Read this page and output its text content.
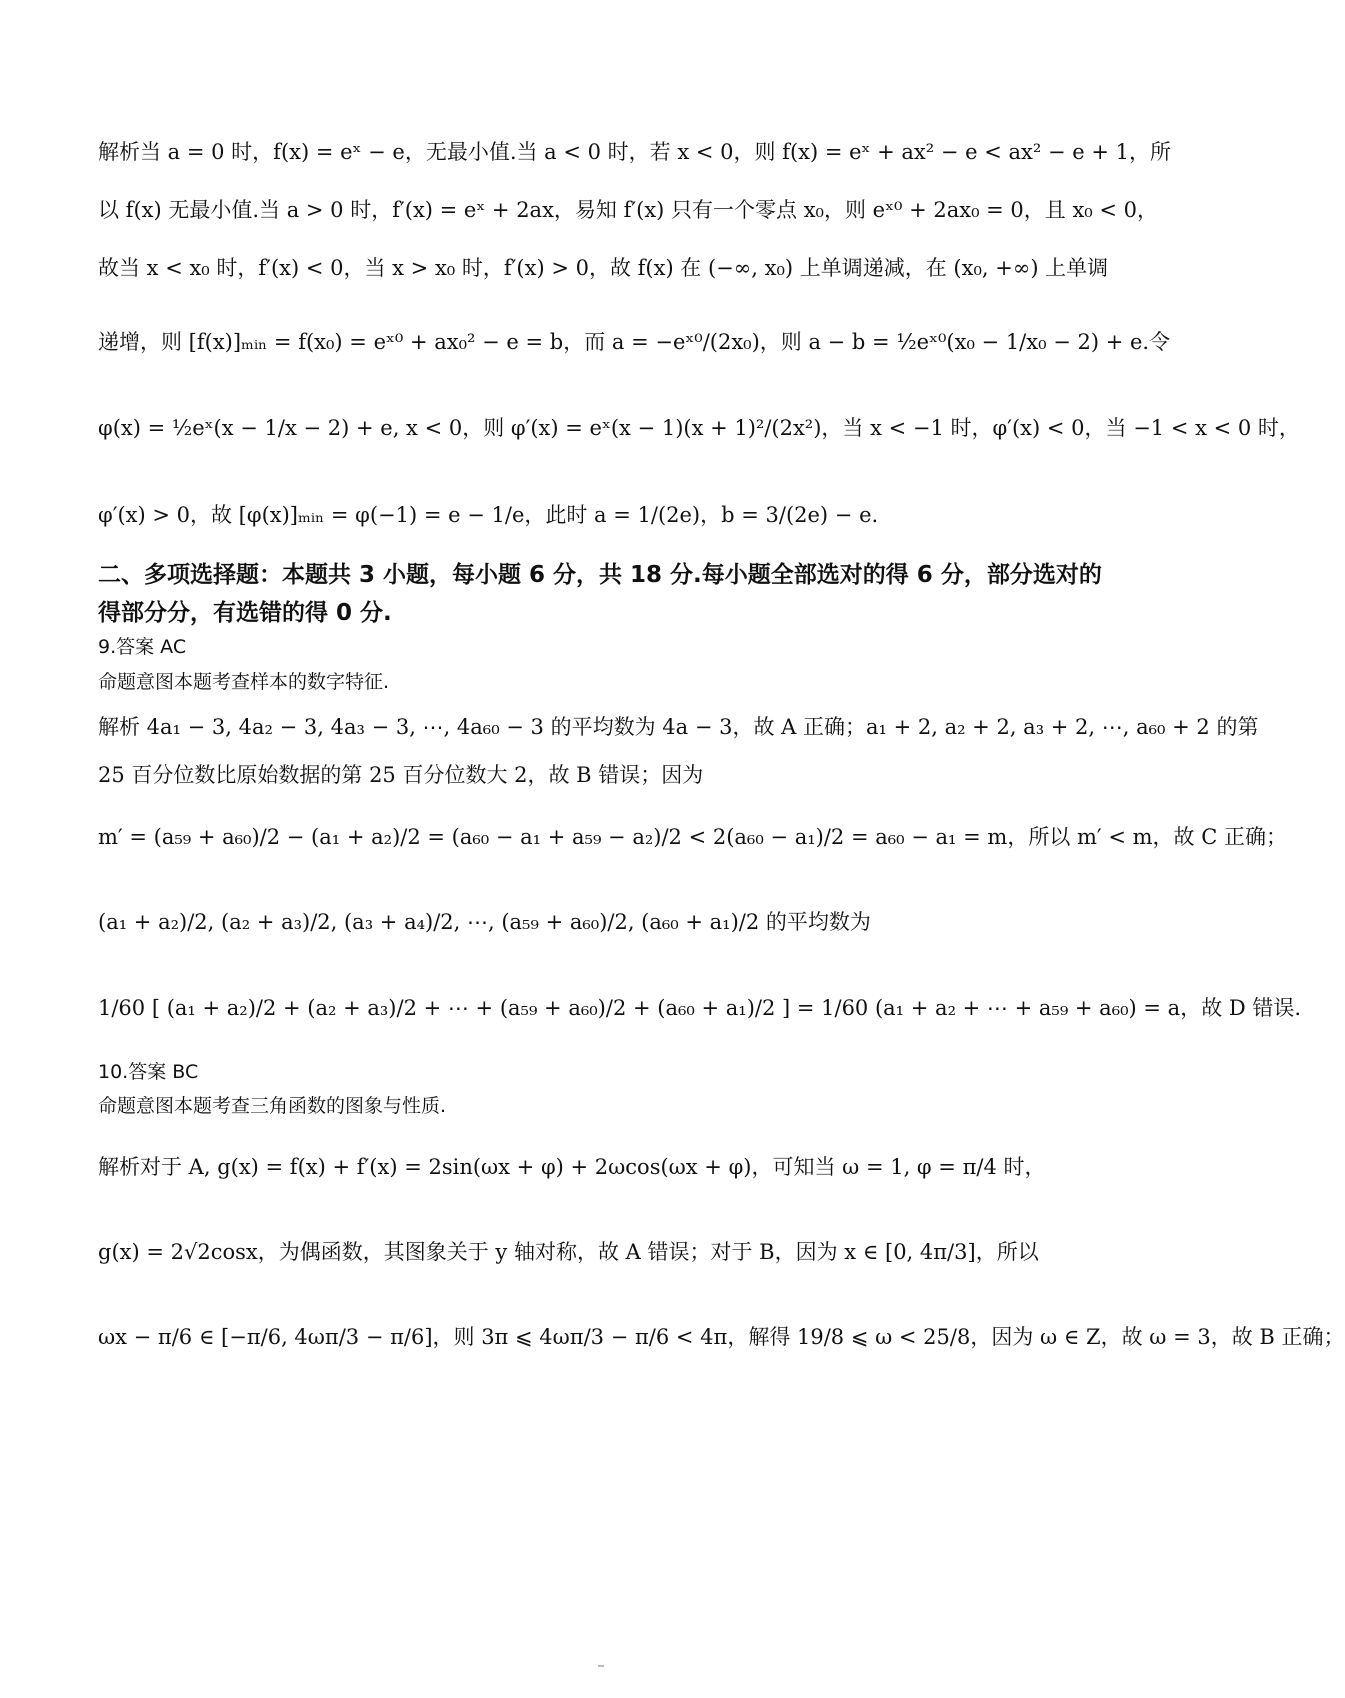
解析当 a = 0 时，f(x) = eˣ − e，无最小值.当 a < 0 时，若 x < 0，则 f(x) = eˣ + ax² − e < ax² − e + 1，所
以 f(x) 无最小值.当 a > 0 时，f′(x) = eˣ + 2ax，易知 f′(x) 只有一个零点 x₀，则 eˣ⁰ + 2ax₀ = 0，且 x₀ < 0，
故当 x < x₀ 时，f′(x) < 0，当 x > x₀ 时，f′(x) > 0，故 f(x) 在 (−∞, x₀) 上单调递减，在 (x₀, +∞) 上单调
递增，则 [f(x)]ₘᵢₙ = f(x₀) = eˣ⁰ + ax₀² − e = b，而 a = −eˣ⁰/(2x₀)，则 a − b = ½eˣ⁰(x₀ − 1/x₀ − 2) + e.令
φ(x) = ½eˣ(x − 1/x − 2) + e, x < 0，则 φ′(x) = eˣ(x − 1)(x + 1)²/(2x²)，当 x < −1 时，φ′(x) < 0，当 −1 < x < 0 时，
φ′(x) > 0，故 [φ(x)]ₘᵢₙ = φ(−1) = e − 1/e，此时 a = 1/(2e)，b = 3/(2e) − e.
二、多项选择题：本题共 3 小题，每小题 6 分，共 18 分.每小题全部选对的得 6 分，部分选对的得部分分，有选错的得 0 分.
9.答案 AC
命题意图本题考查样本的数字特征.
解析 4a₁ − 3, 4a₂ − 3, 4a₃ − 3, ⋯, 4a₆₀ − 3 的平均数为 4a − 3，故 A 正确；a₁ + 2, a₂ + 2, a₃ + 2, ⋯, a₆₀ + 2 的第
25 百分位数比原始数据的第 25 百分位数大 2，故 B 错误；因为
m′ = (a₅₉ + a₆₀)/2 − (a₁ + a₂)/2 = (a₆₀ − a₁ + a₅₉ − a₂)/2 < 2(a₆₀ − a₁)/2 = a₆₀ − a₁ = m，所以 m′ < m，故 C 正确；
(a₁ + a₂)/2, (a₂ + a₃)/2, (a₃ + a₄)/2, ⋯, (a₅₉ + a₆₀)/2, (a₆₀ + a₁)/2 的平均数为
1/60 [ (a₁ + a₂)/2 + (a₂ + a₃)/2 + ⋯ + (a₅₉ + a₆₀)/2 + (a₆₀ + a₁)/2 ] = 1/60 (a₁ + a₂ + ⋯ + a₅₉ + a₆₀) = a，故 D 错误.
10.答案 BC
命题意图本题考查三角函数的图象与性质.
解析对于 A, g(x) = f(x) + f′(x) = 2sin(ωx + φ) + 2ωcos(ωx + φ)，可知当 ω = 1, φ = π/4 时，
g(x) = 2√2cosx，为偶函数，其图象关于 y 轴对称，故 A 错误；对于 B，因为 x ∈ [0, 4π/3]，所以
ωx − π/6 ∈ [−π/6, 4ωπ/3 − π/6]，则 3π ⩽ 4ωπ/3 − π/6 < 4π，解得 19/8 ⩽ ω < 25/8，因为 ω ∈ Z，故 ω = 3，故 B 正确；
